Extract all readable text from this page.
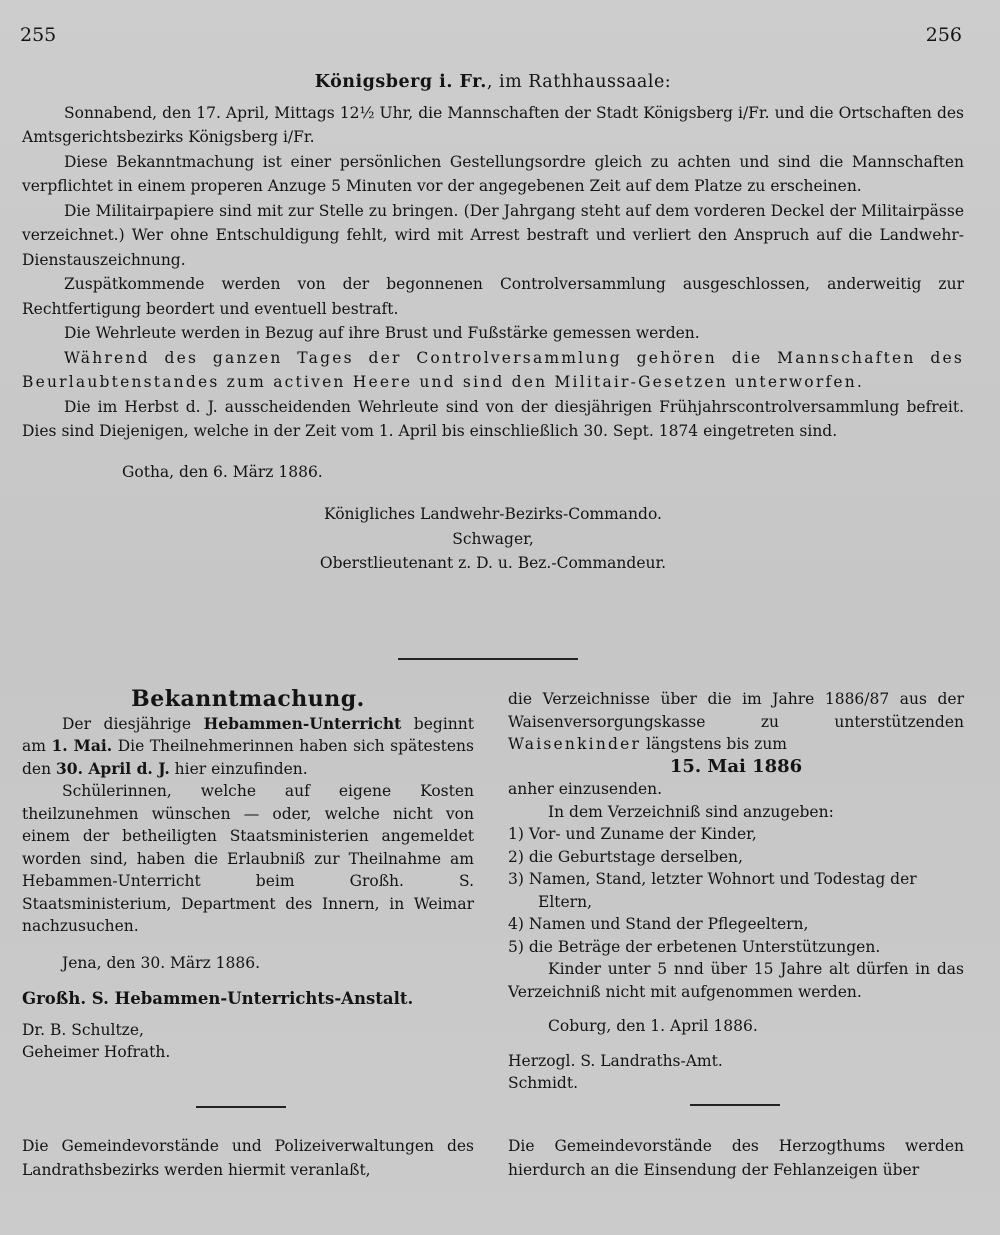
255	256
Königsberg i. Fr., im Rathhaussaale:

Sonnabend, den 17. April, Mittags 12½ Uhr, die Mannschaften der Stadt Königsberg i/Fr. und die Ortschaften des Amtsgerichtsbezirks Königsberg i/Fr.

Diese Bekanntmachung ist einer persönlichen Gestellungsordre gleich zu achten und sind die Mannschaften verpflichtet in einem properen Anzuge 5 Minuten vor der angegebenen Zeit auf dem Platze zu erscheinen.

Die Militairpapiere sind mit zur Stelle zu bringen. (Der Jahrgang steht auf dem vorderen Deckel der Militairpässe verzeichnet.) Wer ohne Entschuldigung fehlt, wird mit Arrest bestraft und verliert den Anspruch auf die Landwehr-Dienstauszeichnung.

Zuspätkommende werden von der begonnenen Controlversammlung ausgeschlossen, anderweitig zur Rechtfertigung beordert und eventuell bestraft.

Die Wehrleute werden in Bezug auf ihre Brust und Fußstärke gemessen werden.

Während des ganzen Tages der Controlversammlung gehören die Mannschaften des Beurlaubtenstandes zum activen Heere und sind den Militair-Gesetzen unterworfen.

Die im Herbst d. J. ausscheidenden Wehrleute sind von der diesjährigen Frühjahrscontrolversammlung befreit. Dies sind Diejenigen, welche in der Zeit vom 1. April bis einschließlich 30. Sept. 1874 eingetreten sind.

Gotha, den 6. März 1886.
Königliches Landwehr-Bezirks-Commando.
Schwager,
Oberstlieutenant z. D. u. Bez.-Commandeur.
Bekanntmachung.

Der diesjährige Hebammen-Unterricht beginnt am 1. Mai. Die Theilnehmerinnen haben sich spätestens den 30. April d. J. hier einzufinden.

Schülerinnen, welche auf eigene Kosten theilzunehmen wünschen — oder, welche nicht von einem der betheiligten Staatsministerien angemeldet worden sind, haben die Erlaubniß zur Theilnahme am Hebammen-Unterricht beim Großh. S. Staatsministerium, Department des Innern, in Weimar nachzusuchen.

Jena, den 30. März 1886.

Großh. S. Hebammen-Unterrichts-Anstalt.

Dr. B. Schultze,

Geheimer Hofrath.

die Verzeichnisse über die im Jahre 1886/87 aus der Waisenversorgungskasse zu unterstützenden Waisenkinder längstens bis zum

15. Mai 1886

anher einzusenden.

In dem Verzeichniß sind anzugeben:

1) Vor- und Zuname der Kinder,
2) die Geburtstage derselben,
3) Namen, Stand, letzter Wohnort und Todestag der Eltern,
4) Namen und Stand der Pflegeeltern,
5) die Beträge der erbetenen Unterstützungen.

Kinder unter 5 nnd über 15 Jahre alt dürfen in das Verzeichniß nicht mit aufgenommen werden.

Coburg, den 1. April 1886.

Herzogl. S. Landraths-Amt.

Schmidt.

Die Gemeindevorstände und Polizeiverwaltungen des Landrathsbezirks werden hiermit veranlaßt,
Die Gemeindevorstände des Herzogthums werden hierdurch an die Einsendung der Fehlanzeigen über
